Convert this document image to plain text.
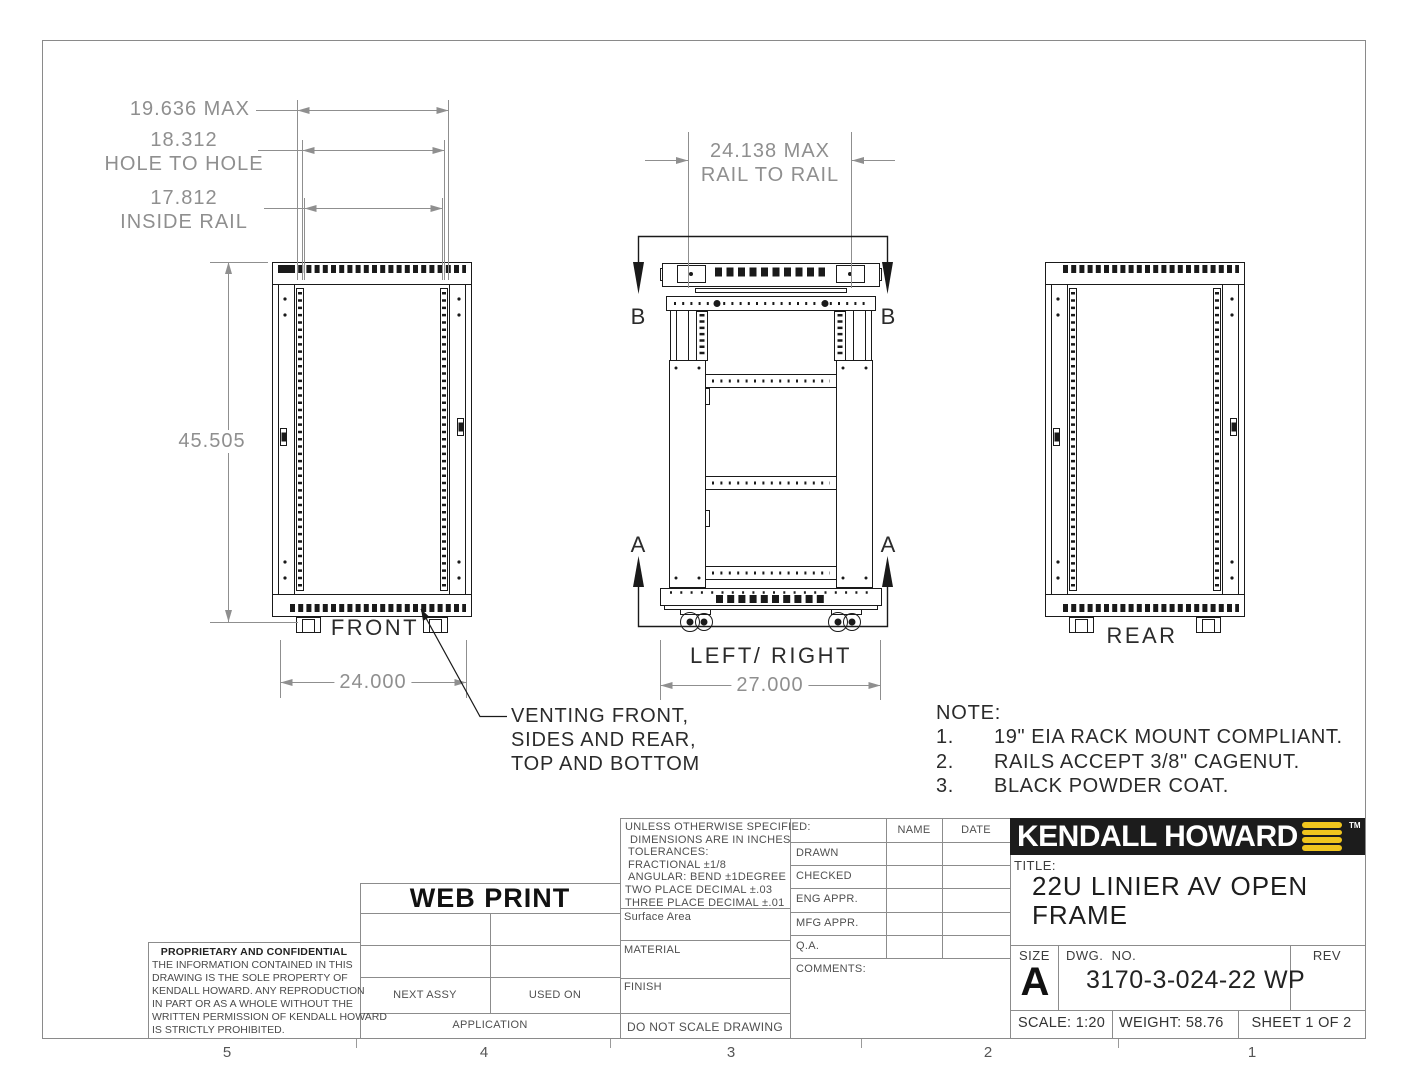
19.636 MAX
18.312
HOLE TO HOLE
17.812
INSIDE RAIL
45.505
24.000
24.138 MAX
RAIL TO RAIL
27.000
FRONT
LEFT/ RIGHT
REAR
B	B
A	A
VENTING FRONT,
SIDES AND REAR,
TOP AND BOTTOM
NOTE:
1. 19" EIA RACK MOUNT COMPLIANT.
2. RAILS ACCEPT 3/8" CAGENUT.
3. BLACK POWDER COAT.
5	4	3	2	1
PROPRIETARY AND CONFIDENTIAL
THE INFORMATION CONTAINED IN THIS
DRAWING IS THE SOLE PROPERTY OF
KENDALL HOWARD. ANY REPRODUCTION
IN PART OR AS A WHOLE WITHOUT THE
WRITTEN PERMISSION OF KENDALL HOWARD
IS STRICTLY PROHIBITED.
WEB PRINT
NEXT ASSY	USED ON
APPLICATION
UNLESS OTHERWISE SPECIFIED:
DIMENSIONS ARE IN INCHES
TOLERANCES:
FRACTIONAL ±1/8
ANGULAR: BEND ±1DEGREE
TWO PLACE DECIMAL ±.03
THREE PLACE DECIMAL ±.01
Surface Area
MATERIAL
FINISH
DO NOT SCALE DRAWING
NAME	DATE
DRAWN
CHECKED
ENG APPR.
MFG APPR.
Q.A.
COMMENTS:
KENDALL HOWARD	TM
TITLE:
22U LINIER AV OPEN
FRAME
SIZE
A
DWG.  NO.
3170-3-024-22 WP
REV
SCALE: 1:20 WEIGHT: 58.76	SHEET 1 OF 2
